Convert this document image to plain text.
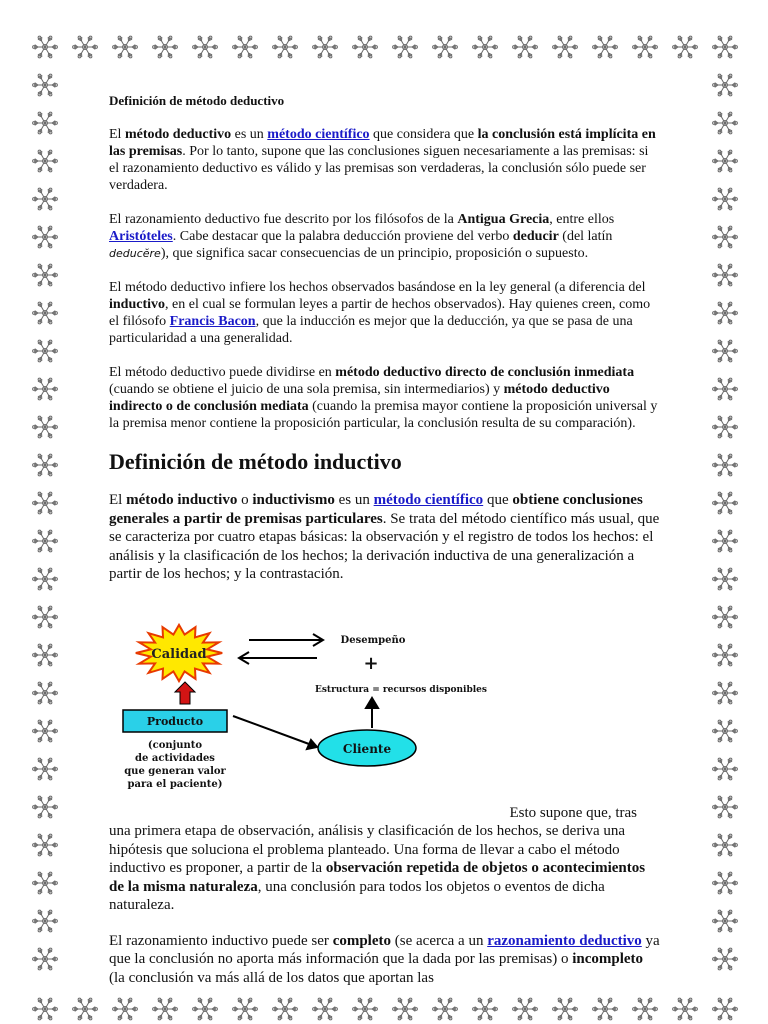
Definición de método deductivo

El método deductivo es un método científico que considera que la conclusión está implícita en las premisas. Por lo tanto, supone que las conclusiones siguen necesariamente a las premisas: si el razonamiento deductivo es válido y las premisas son verdaderas, la conclusión sólo puede ser verdadera.

El razonamiento deductivo fue descrito por los filósofos de la Antigua Grecia, entre ellos Aristóteles. Cabe destacar que la palabra deducción proviene del verbo deducir (del latín deducĕre), que significa sacar consecuencias de un principio, proposición o supuesto.

El método deductivo infiere los hechos observados basándose en la ley general (a diferencia del inductivo, en el cual se formulan leyes a partir de hechos observados). Hay quienes creen, como el filósofo Francis Bacon, que la inducción es mejor que la deducción, ya que se pasa de una particularidad a una generalidad.

El método deductivo puede dividirse en método deductivo directo de conclusión inmediata (cuando se obtiene el juicio de una sola premisa, sin intermediarios) y método deductivo indirecto o de conclusión mediata (cuando la premisa mayor contiene la proposición universal y la premisa menor contiene la proposición particular, la conclusión resulta de su comparación).

Definición de método inductivo

El método inductivo o inductivismo es un método científico que obtiene conclusiones generales a partir de premisas particulares. Se trata del método científico más usual, que se caracteriza por cuatro etapas básicas: la observación y el registro de todos los hechos: el análisis y la clasificación de los hechos; la derivación inductiva de una generalización a partir de los hechos; y la contrastación.

Calidad
Desempeño
+
Estructura = recursos disponibles
Producto
(conjunto
de actividades
que generan valor
para el paciente)
Cliente

Esto supone que, tras
una primera etapa de observación, análisis y clasificación de los hechos, se deriva una hipótesis que soluciona el problema planteado. Una forma de llevar a cabo el método inductivo es proponer, a partir de la observación repetida de objetos o acontecimientos de la misma naturaleza, una conclusión para todos los objetos o eventos de dicha naturaleza.

El razonamiento inductivo puede ser completo (se acerca a un razonamiento deductivo ya que la conclusión no aporta más información que la dada por las premisas) o incompleto (la conclusión va más allá de los datos que aportan las
